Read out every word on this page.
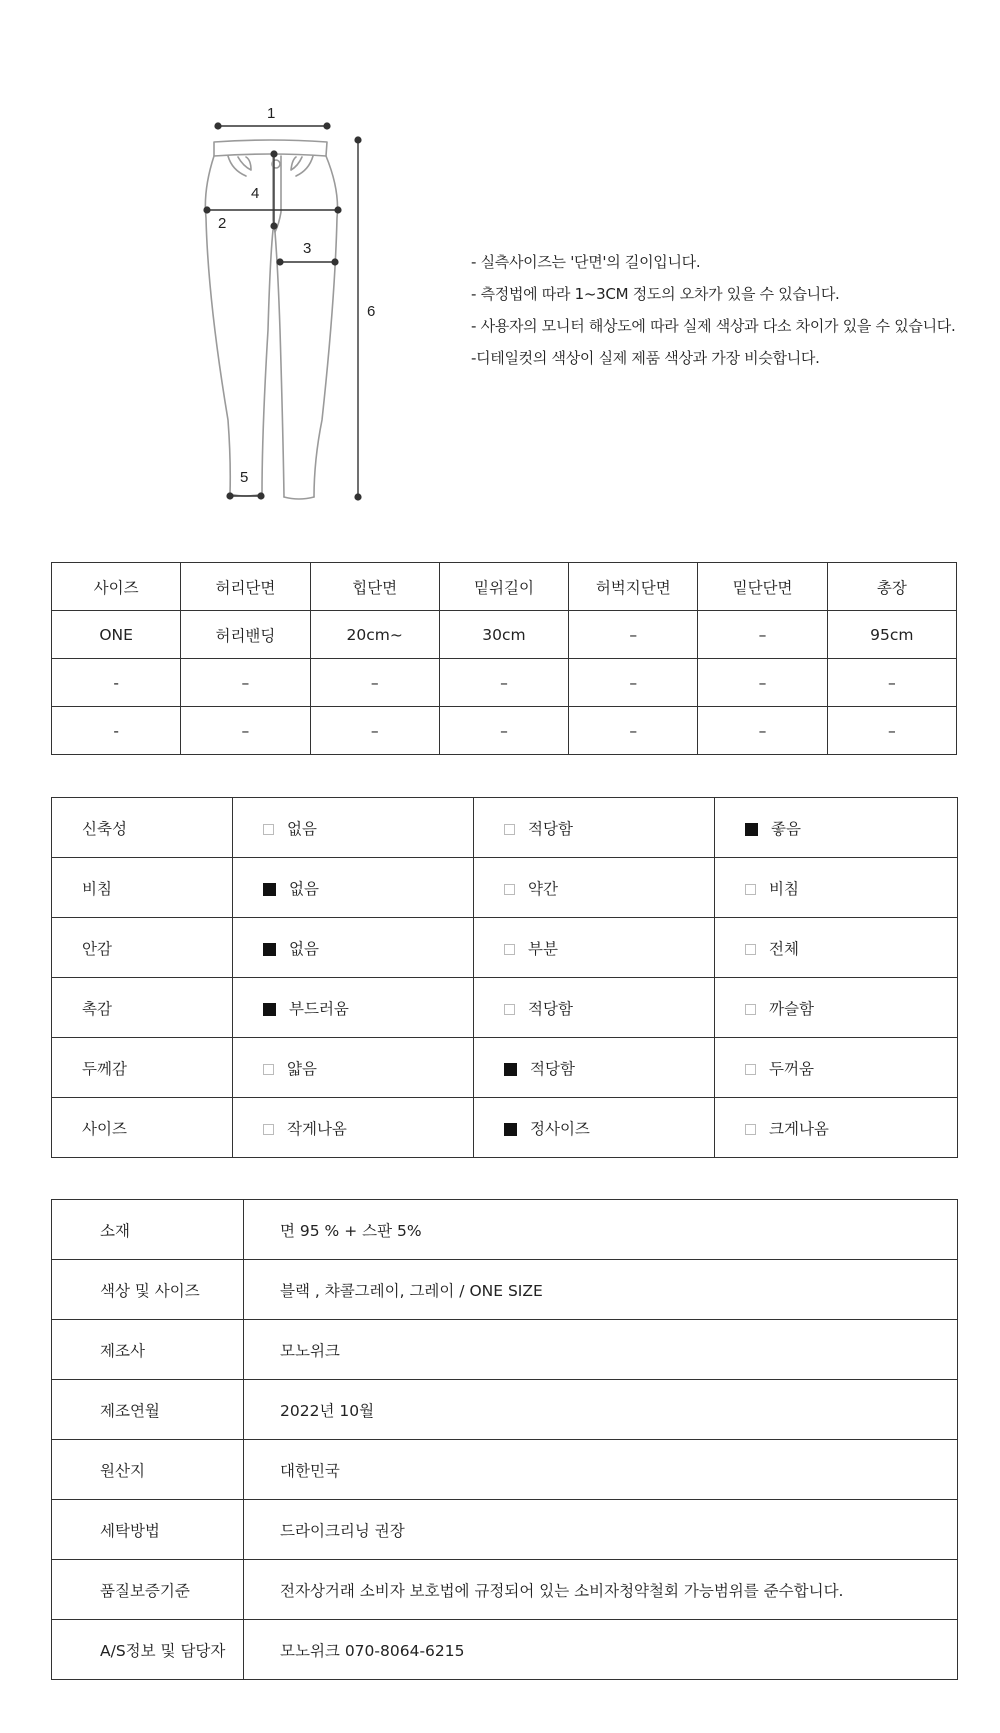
1
2
3
4
5
6
- 실측사이즈는 '단면'의 길이입니다.
- 측정법에 따라 1~3CM 정도의 오차가 있을 수 있습니다.
- 사용자의 모니터 해상도에 따라 실제 색상과 다소 차이가 있을 수 있습니다.
-디테일컷의 색상이 실제 제품 색상과 가장 비슷합니다.
사이즈	허리단면	힙단면	밑위길이	허벅지단면	밑단단면	총장
ONE	허리밴딩	20cm~	30cm	–	–	95cm
-	–	–	–	–	–	–
-	–	–	–	–	–	–
신축성	없음	적당함	좋음
비침	없음	약간	비침
안감	없음	부분	전체
촉감	부드러움	적당함	까슬함
두께감	얇음	적당함	두꺼움
사이즈	작게나옴	정사이즈	크게나옴
소재	면 95 % + 스판 5%
색상 및 사이즈	블랙 , 챠콜그레이, 그레이 / ONE SIZE
제조사	모노위크
제조연월	2022년 10월
원산지	대한민국
세탁방법	드라이크리닝 권장
품질보증기준	전자상거래 소비자 보호법에 규정되어 있는 소비자청약철회 가능범위를 준수합니다.
A/S정보 및 담당자	모노위크 070-8064-6215
